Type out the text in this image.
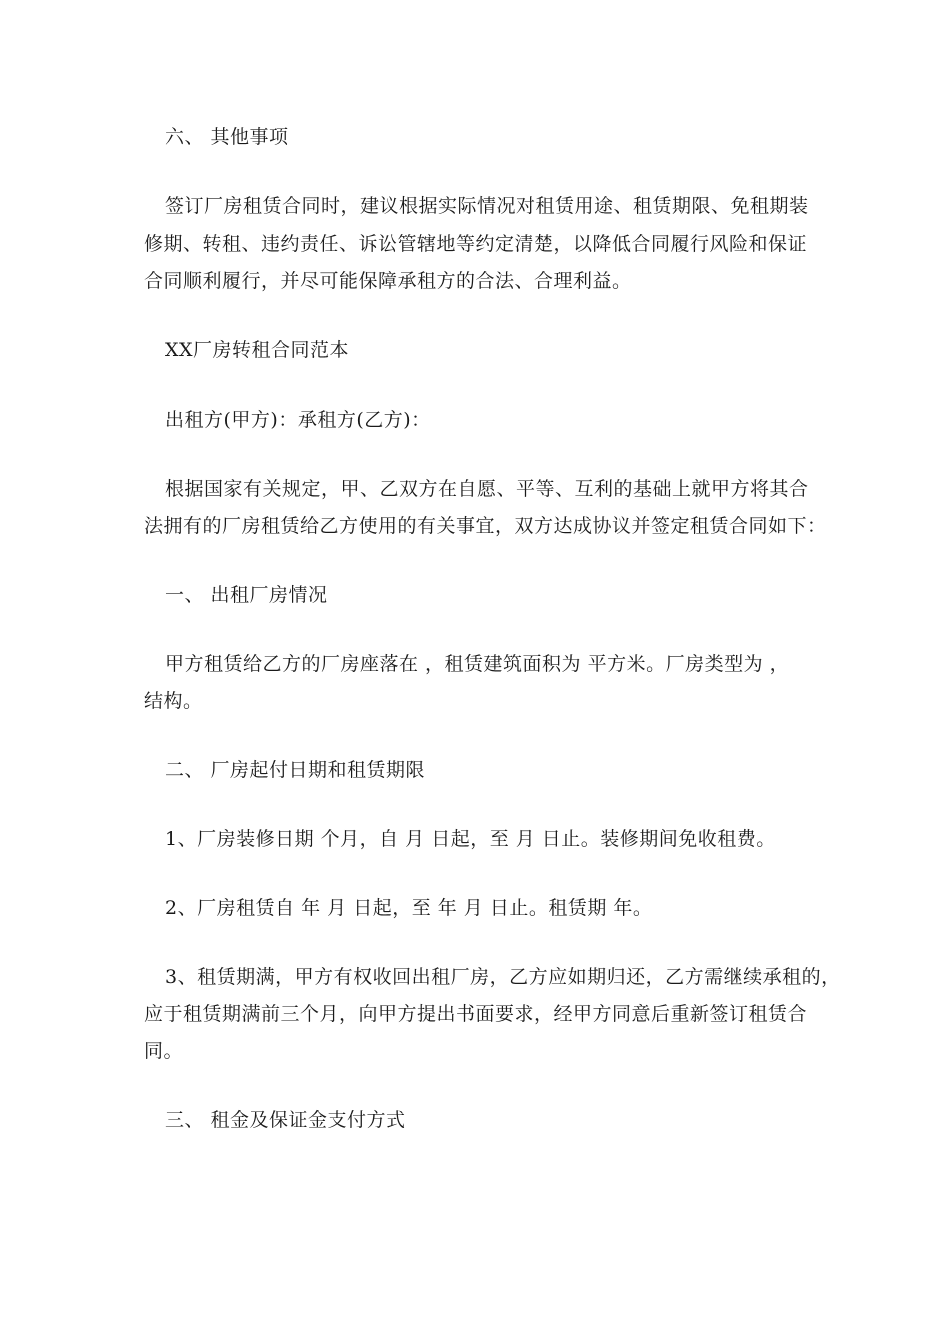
六、 其他事项
签订厂房租赁合同时，建议根据实际情况对租赁用途、租赁期限、免租期装
修期、转租、违约责任、诉讼管辖地等约定清楚，以降低合同履行风险和保证
合同顺利履行，并尽可能保障承租方的合法、合理利益。
XX厂房转租合同范本
出租方(甲方)：承租方(乙方)：
根据国家有关规定，甲、乙双方在自愿、平等、互利的基础上就甲方将其合
法拥有的厂房租赁给乙方使用的有关事宜，双方达成协议并签定租赁合同如下：
一、 出租厂房情况
甲方租赁给乙方的厂房座落在 ，租赁建筑面积为 平方米。厂房类型为 ，
结构。
二、 厂房起付日期和租赁期限
1、厂房装修日期 个月，自 月 日起，至 月 日止。装修期间免收租费。
2、厂房租赁自 年 月 日起，至 年 月 日止。租赁期 年。
3、租赁期满，甲方有权收回出租厂房，乙方应如期归还，乙方需继续承租的，
应于租赁期满前三个月，向甲方提出书面要求，经甲方同意后重新签订租赁合
同。
三、 租金及保证金支付方式
